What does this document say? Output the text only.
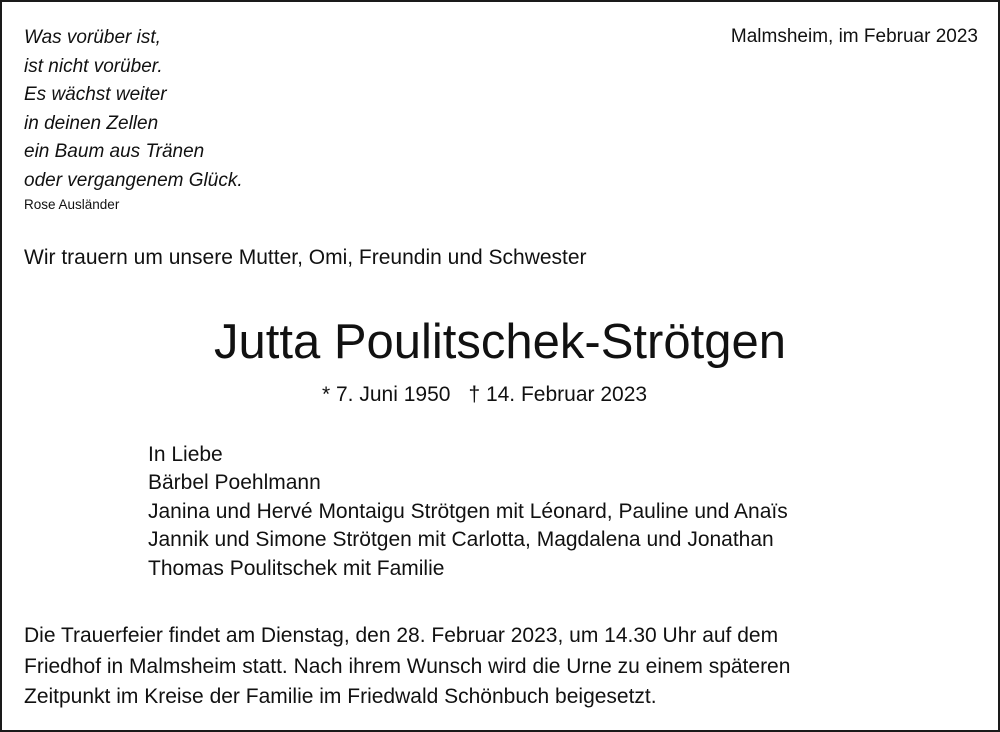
Was vorüber ist,
ist nicht vorüber.
Es wächst weiter
in deinen Zellen
ein Baum aus Tränen
oder vergangenem Glück.
Rose Ausländer
Malmsheim, im Februar 2023
Wir trauern um unsere Mutter, Omi, Freundin und Schwester
Jutta Poulitschek-Strötgen
* 7. Juni 1950 † 14. Februar 2023
In Liebe
Bärbel Poehlmann
Janina und Hervé Montaigu Strötgen mit Léonard, Pauline und Anaïs
Jannik und Simone Strötgen mit Carlotta, Magdalena und Jonathan
Thomas Poulitschek mit Familie
Die Trauerfeier findet am Dienstag, den 28. Februar 2023, um 14.30 Uhr auf dem
Friedhof in Malmsheim statt. Nach ihrem Wunsch wird die Urne zu einem späteren
Zeitpunkt im Kreise der Familie im Friedwald Schönbuch beigesetzt.
